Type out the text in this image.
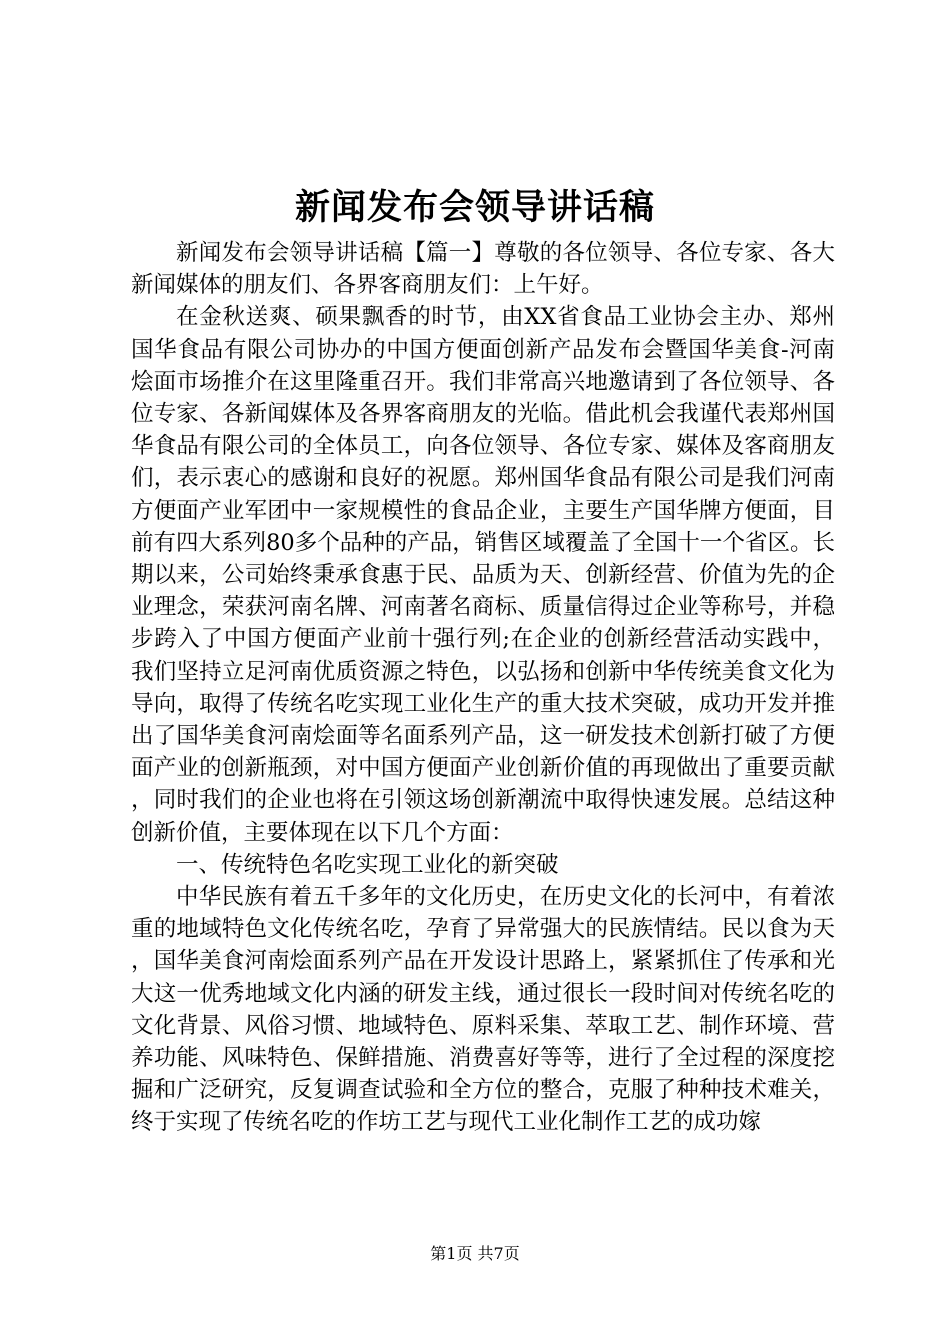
新闻发布会领导讲话稿

新闻发布会领导讲话稿【篇一】尊敬的各位领导、各位专家、各大新闻媒体的朋友们、各界客商朋友们：上午好。

在金秋送爽、硕果飘香的时节，由XX省食品工业协会主办、郑州国华食品有限公司协办的中国方便面创新产品发布会暨国华美食-河南烩面市场推介在这里隆重召开。我们非常高兴地邀请到了各位领导、各位专家、各新闻媒体及各界客商朋友的光临。借此机会我谨代表郑州国华食品有限公司的全体员工，向各位领导、各位专家、媒体及客商朋友们，表示衷心的感谢和良好的祝愿。郑州国华食品有限公司是我们河南方便面产业军团中一家规模性的食品企业，主要生产国华牌方便面，目前有四大系列80多个品种的产品，销售区域覆盖了全国十一个省区。长期以来，公司始终秉承食惠于民、品质为天、创新经营、价值为先的企业理念，荣获河南名牌、河南著名商标、质量信得过企业等称号，并稳步跨入了中国方便面产业前十强行列;在企业的创新经营活动实践中，我们坚持立足河南优质资源之特色，以弘扬和创新中华传统美食文化为导向，取得了传统名吃实现工业化生产的重大技术突破，成功开发并推出了国华美食河南烩面等名面系列产品，这一研发技术创新打破了方便面产业的创新瓶颈，对中国方便面产业创新价值的再现做出了重要贡献，同时我们的企业也将在引领这场创新潮流中取得快速发展。总结这种创新价值，主要体现在以下几个方面：

一、传统特色名吃实现工业化的新突破

中华民族有着五千多年的文化历史，在历史文化的长河中，有着浓重的地域特色文化传统名吃，孕育了异常强大的民族情结。民以食为天，国华美食河南烩面系列产品在开发设计思路上，紧紧抓住了传承和光大这一优秀地域文化内涵的研发主线，通过很长一段时间对传统名吃的文化背景、风俗习惯、地域特色、原料采集、萃取工艺、制作环境、营养功能、风味特色、保鲜措施、消费喜好等等，进行了全过程的深度挖掘和广泛研究，反复调查试验和全方位的整合，克服了种种技术难关，终于实现了传统名吃的作坊工艺与现代工业化制作工艺的成功嫁

第1页 共7页
